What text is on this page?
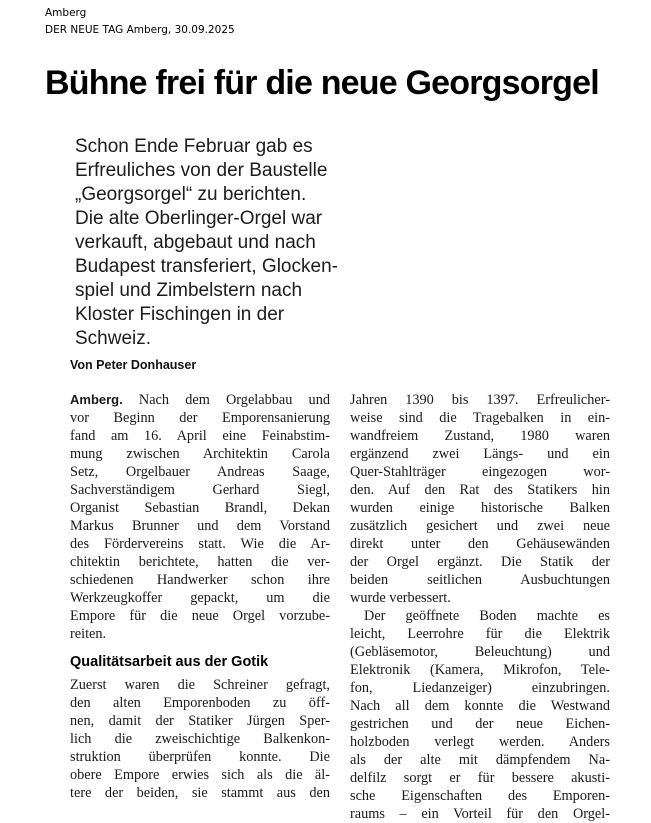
Amberg
DER NEUE TAG Amberg, 30.09.2025
Bühne frei für die neue Georgsorgel
Schon Ende Februar gab es
Erfreuliches von der Baustelle
„Georgsorgel“ zu berichten.
Die alte Oberlinger-Orgel war
verkauft, abgebaut und nach
Budapest transferiert, Glocken-
spiel und Zimbelstern nach
Kloster Fischingen in der
Schweiz.
Von Peter Donhauser
Amberg. Nach dem Orgelabbau und
vor Beginn der Emporensanierung
fand am 16. April eine Feinabstim-
mung zwischen Architektin Carola
Setz, Orgelbauer Andreas Saage,
Sachverständigem Gerhard Siegl,
Organist Sebastian Brandl, Dekan
Markus Brunner und dem Vorstand
des Fördervereins statt. Wie die Ar-
chitektin berichtete, hatten die ver-
schiedenen Handwerker schon ihre
Werkzeugkoffer gepackt, um die
Empore für die neue Orgel vorzube-
reiten.
Qualitätsarbeit aus der Gotik
Zuerst waren die Schreiner gefragt,
den alten Emporenboden zu öff-
nen, damit der Statiker Jürgen Sper-
lich die zweischichtige Balkenkon-
struktion überprüfen konnte. Die
obere Empore erwies sich als die äl-
tere der beiden, sie stammt aus den
Jahren 1390 bis 1397. Erfreulicher-
weise sind die Tragebalken in ein-
wandfreiem Zustand, 1980 waren
ergänzend zwei Längs- und ein
Quer-Stahlträger eingezogen wor-
den. Auf den Rat des Statikers hin
wurden einige historische Balken
zusätzlich gesichert und zwei neue
direkt unter den Gehäusewänden
der Orgel ergänzt. Die Statik der
beiden seitlichen Ausbuchtungen
wurde verbessert.
Der geöffnete Boden machte es
leicht, Leerrohre für die Elektrik
(Gebläsemotor, Beleuchtung) und
Elektronik (Kamera, Mikrofon, Tele-
fon, Liedanzeiger) einzubringen.
Nach all dem konnte die Westwand
gestrichen und der neue Eichen-
holzboden verlegt werden. Anders
als der alte mit dämpfendem Na-
delfilz sorgt er für bessere akusti-
sche Eigenschaften des Emporen-
raums – ein Vorteil für den Orgel-
